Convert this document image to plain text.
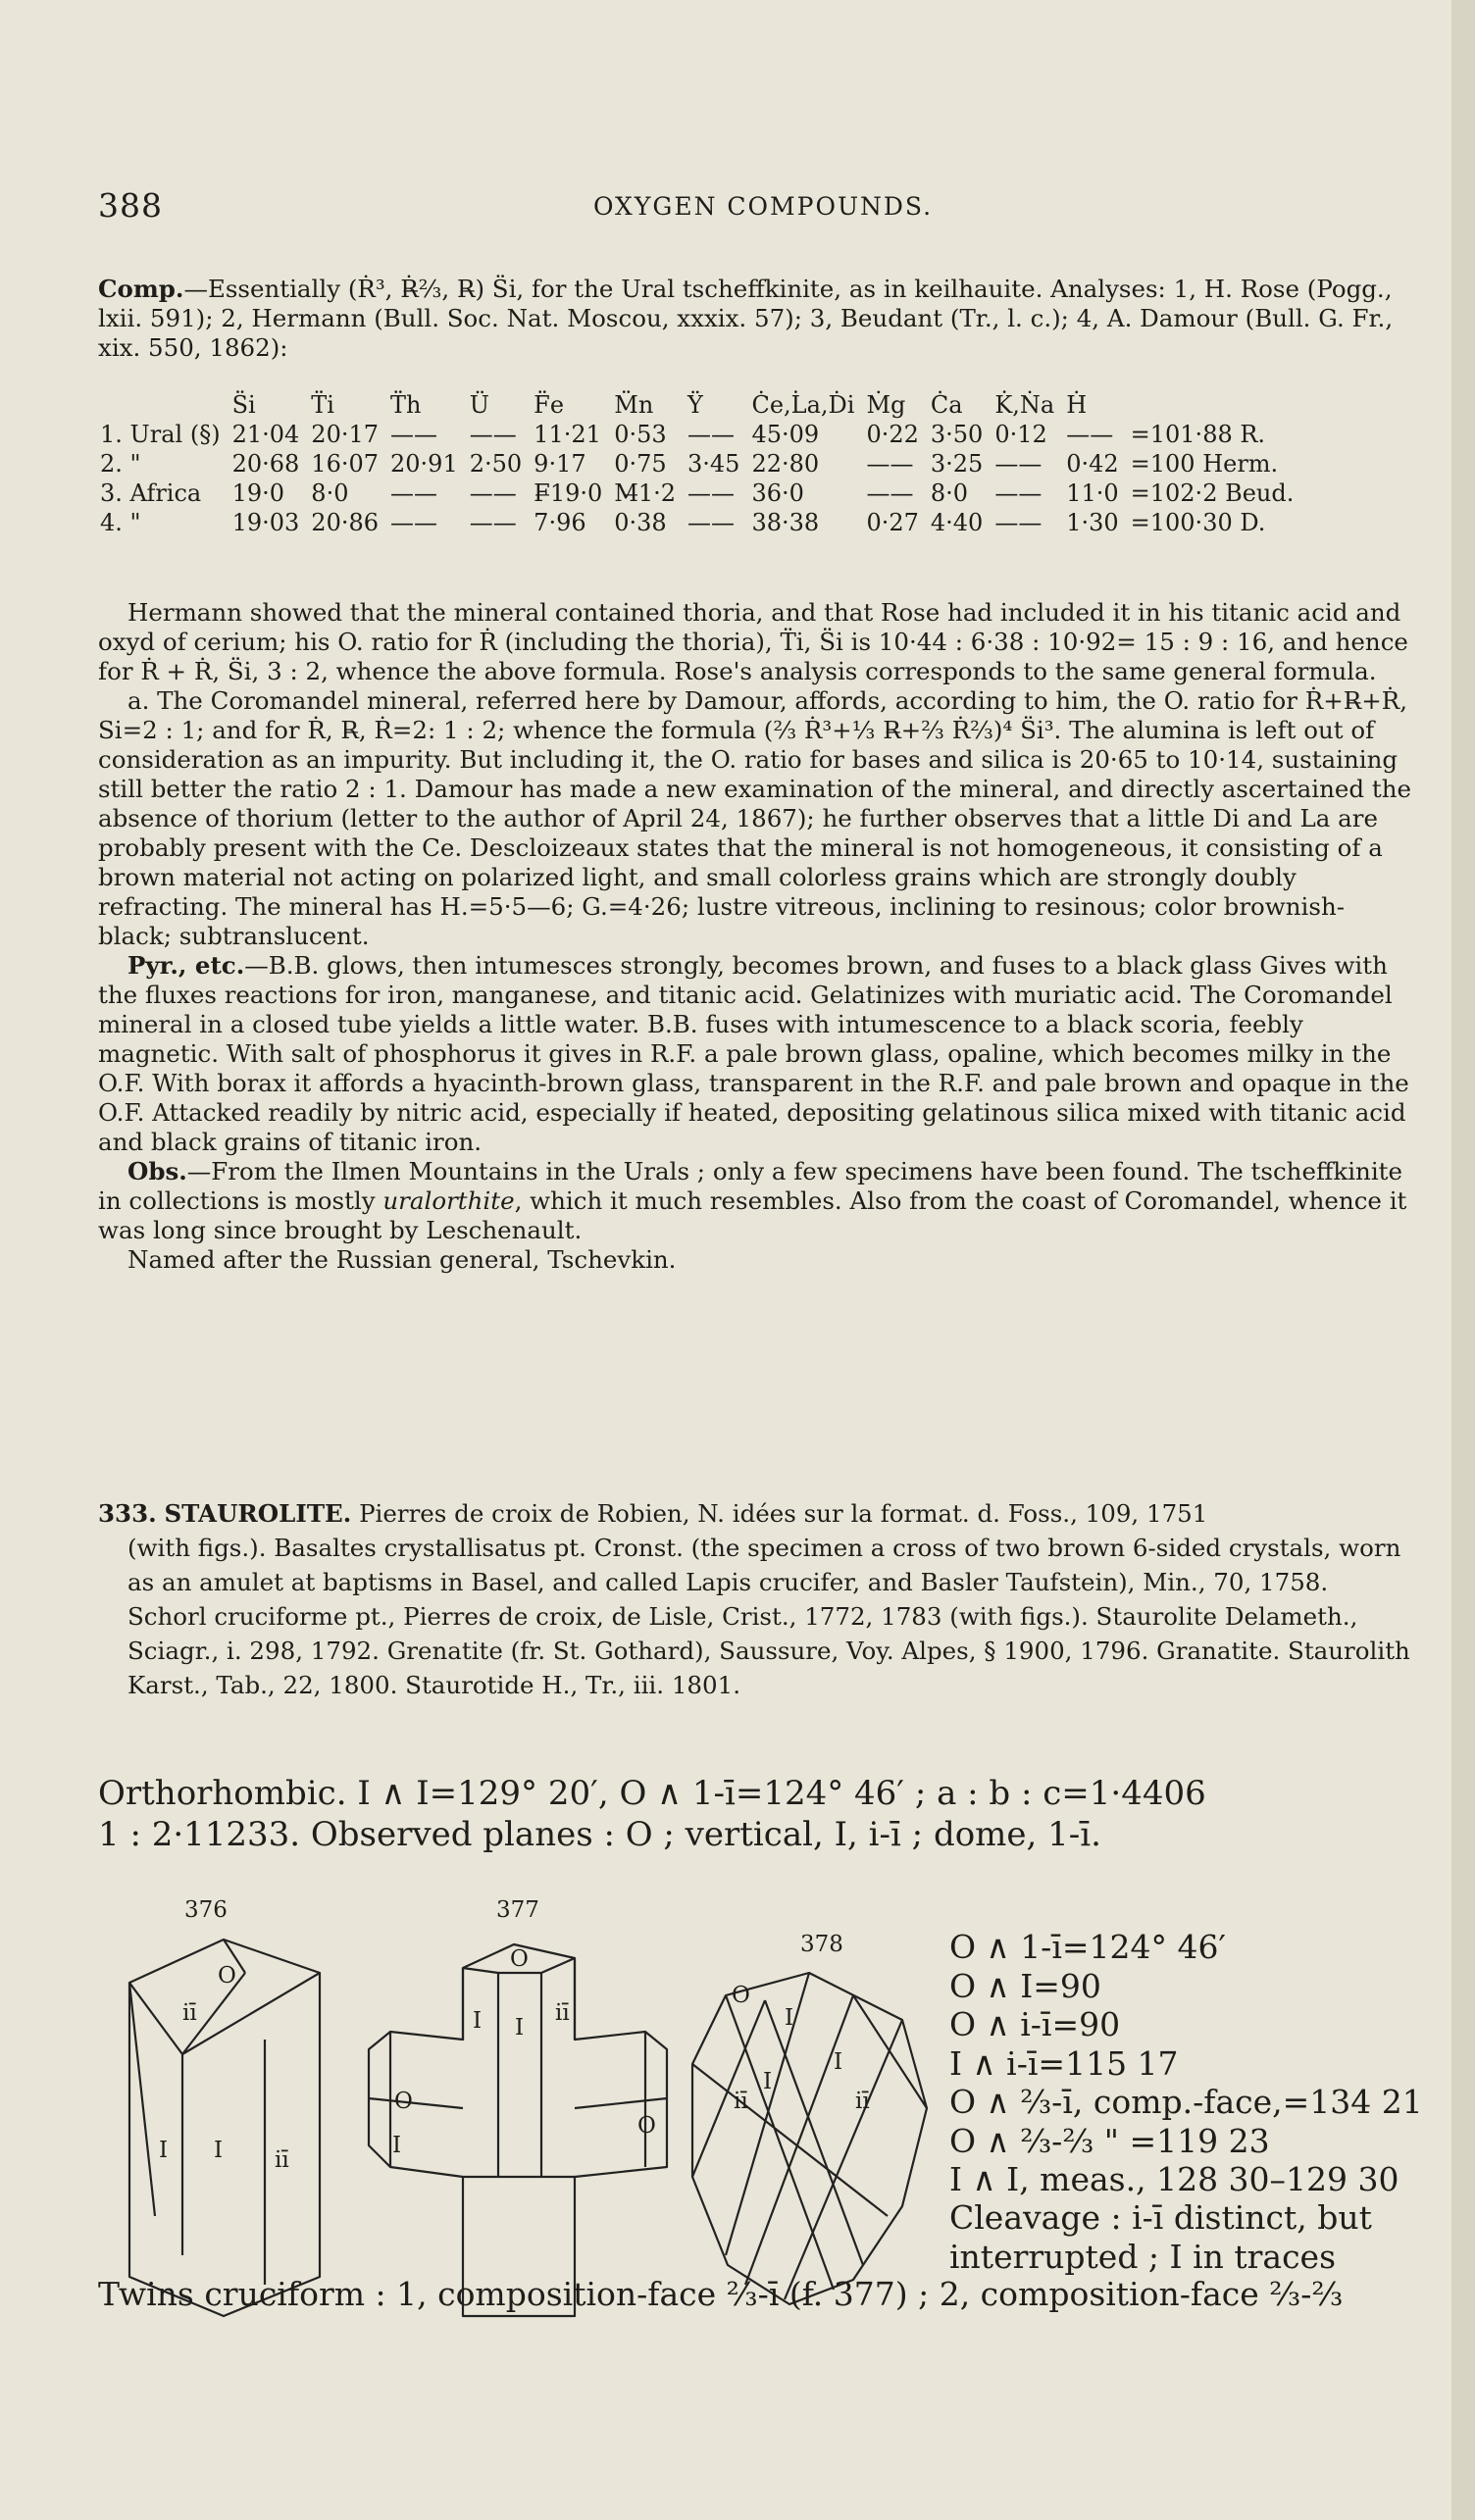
388	OXYGEN COMPOUNDS.

Comp.—Essentially (Ṙ³, Ṙ̶̶⅔, R̶) S̈i, for the Ural tscheffkinite, as in keilhauite. Analyses: 1, H. Rose (Pogg., lxii. 591); 2, Hermann (Bull. Soc. Nat. Moscou, xxxix. 57); 3, Beudant (Tr., l. c.); 4, A. Damour (Bull. G. Fr., xix. 550, 1862):

	S̈i	T̈i	T̈h	Ü	F̈e	M̈n	Ÿ	Ċe,L̇a,Ḋi	Ṁg	Ċa	K̇,Ṅa	Ḣ	
1. Ural (§)	21·04	20·17	——	——	11·21	0·53	——	45·09	0·22	3·50	0·12	——	=101·88 R.
2. "	20·68	16·07	20·91	2·50	9·17	0·75	3·45	22·80	——	3·25	——	0·42	=100 Herm.
3. Africa	19·0	8·0	——	——	F̶19·0	M̶1·2	——	36·0	——	8·0	——	11·0	=102·2 Beud.
4. "	19·03	20·86	——	——	7·96	0·38	——	38·38	0·27	4·40	——	1·30	=100·30 D.

Hermann showed that the mineral contained thoria, and that Rose had included it in his titanic acid and oxyd of cerium; his O. ratio for Ṙ (including the thoria), T̈i, S̈i is 10·44 : 6·38 : 10·92= 15 : 9 : 16, and hence for Ṙ + Ṙ, S̈i, 3 : 2, whence the above formula. Rose's analysis corresponds to the same general formula.

a. The Coromandel mineral, referred here by Damour, affords, according to him, the O. ratio for Ṙ+R̶+Ṙ, Si=2 : 1; and for Ṙ, R̶, Ṙ=2: 1 : 2; whence the formula (⅔ Ṙ³+⅓ R̶+⅔ Ṙ⅔)⁴ S̈i³. The alumina is left out of consideration as an impurity. But including it, the O. ratio for bases and silica is 20·65 to 10·14, sustaining still better the ratio 2 : 1. Damour has made a new examination of the mineral, and directly ascertained the absence of thorium (letter to the author of April 24, 1867); he further observes that a little Di and La are probably present with the Ce. Descloizeaux states that the mineral is not homogeneous, it consisting of a brown material not acting on polarized light, and small colorless grains which are strongly doubly refracting. The mineral has H.=5·5—6; G.=4·26; lustre vitreous, inclining to resinous; color brownish-black; subtranslucent.

Pyr., etc.—B.B. glows, then intumesces strongly, becomes brown, and fuses to a black glass Gives with the fluxes reactions for iron, manganese, and titanic acid. Gelatinizes with muriatic acid. The Coromandel mineral in a closed tube yields a little water. B.B. fuses with intumescence to a black scoria, feebly magnetic. With salt of phosphorus it gives in R.F. a pale brown glass, opaline, which becomes milky in the O.F. With borax it affords a hyacinth-brown glass, transparent in the R.F. and pale brown and opaque in the O.F. Attacked readily by nitric acid, especially if heated, depositing gelatinous silica mixed with titanic acid and black grains of titanic iron.

Obs.—From the Ilmen Mountains in the Urals ; only a few specimens have been found. The tscheffkinite in collections is mostly uralorthite, which it much resembles. Also from the coast of Coromandel, whence it was long since brought by Leschenault.

Named after the Russian general, Tschevkin.

333. STAUROLITE. Pierres de croix de Robien, N. idées sur la format. d. Foss., 109, 1751
(with figs.). Basaltes crystallisatus pt. Cronst. (the specimen a cross of two brown 6-sided crystals, worn as an amulet at baptisms in Basel, and called Lapis crucifer, and Basler Taufstein), Min., 70, 1758. Schorl cruciforme pt., Pierres de croix, de Lisle, Crist., 1772, 1783 (with figs.). Staurolite Delameth., Sciagr., i. 298, 1792. Grenatite (fr. St. Gothard), Saussure, Voy. Alpes, § 1900, 1796. Granatite. Staurolith Karst., Tab., 22, 1800. Staurotide H., Tr., iii. 1801.
Orthorhombic. I ∧ I=129° 20′, O ∧ 1-ī=124° 46′ ; a : b : c=1·4406
1 : 2·11233. Observed planes : O ; vertical, I, i-ī ; dome, 1-ī.
376
O
iī
I I iī
377
O
I I
iī
O
O
I
378
O
I
I
I
iī	iī
O ∧ 1-ī=124° 46′
O ∧ I=90
O ∧ i-ī=90
I ∧ i-ī=115 17
O ∧ ⅔-ī, comp.-face,=134 21
O ∧ ⅔-⅔ " =119 23
I ∧ I, meas., 128 30–129 30
Cleavage : i-ī distinct, but
interrupted ; I in traces
Twins cruciform : 1, composition-face ⅔-ī (f. 377) ; 2, composition-face ⅔-⅔
